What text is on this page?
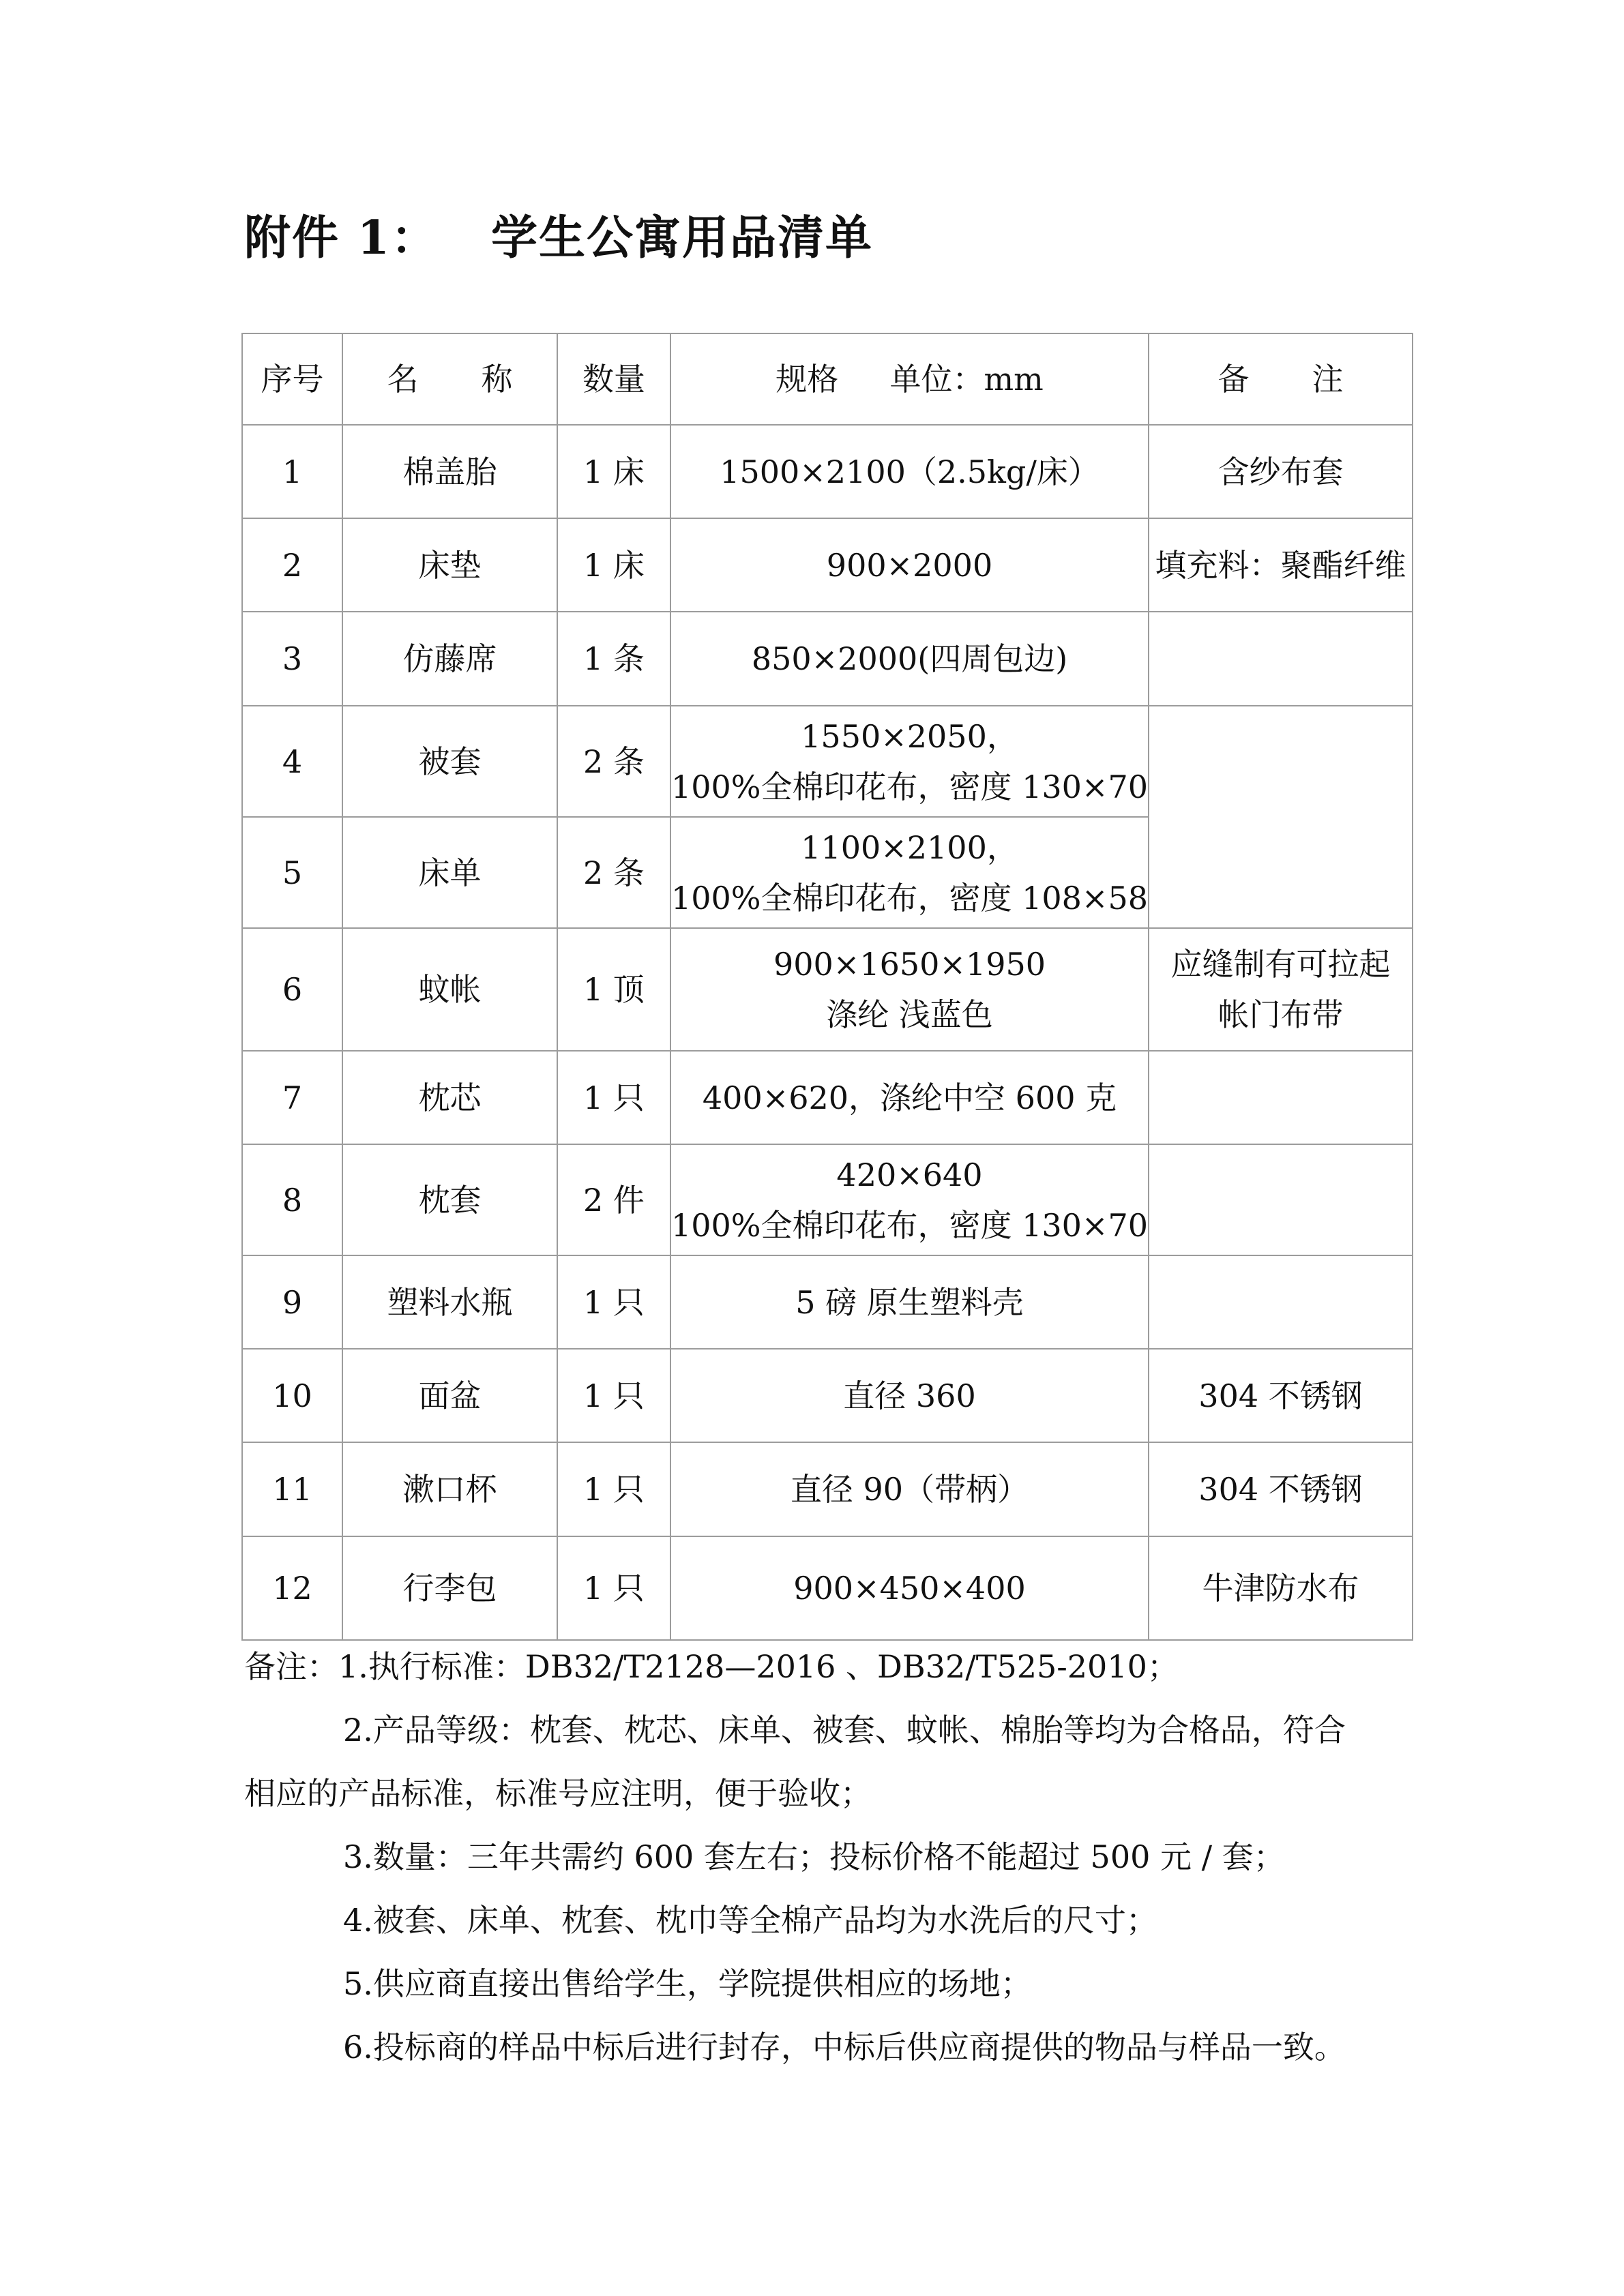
附件 1：   学生公寓用品清单
序号	名　　称	数量	规格　  单位：mm	备　　注
1	棉盖胎	1 床	1500×2100（2.5kg/床）	含纱布套
2	床垫	1 床	900×2000	填充料：聚酯纤维
3	仿藤席	1 条	850×2000(四周包边)	
4	被套	2 条	1550×2050，
100%全棉印花布，密度 130×70	
5	床单	2 条	1100×2100，
100%全棉印花布，密度 108×58	
6	蚊帐	1 顶	900×1650×1950
涤纶 浅蓝色	应缝制有可拉起
帐门布带
7	枕芯	1 只	400×620，涤纶中空 600 克	
8	枕套	2 件	420×640
100%全棉印花布，密度 130×70	
9	塑料水瓶	1 只	5 磅 原生塑料壳	
10	面盆	1 只	直径 360	304 不锈钢
11	漱口杯	1 只	直径 90（带柄）	304 不锈钢
12	行李包	1 只	900×450×400	牛津防水布
备注：1.执行标准：DB32/T2128—2016 、DB32/T525-2010；
2.产品等级：枕套、枕芯、床单、被套、蚊帐、棉胎等均为合格品，符合
相应的产品标准，标准号应注明，便于验收；
3.数量：三年共需约 600 套左右；投标价格不能超过 500 元 / 套；
4.被套、床单、枕套、枕巾等全棉产品均为水洗后的尺寸；
5.供应商直接出售给学生，学院提供相应的场地；
6.投标商的样品中标后进行封存，中标后供应商提供的物品与样品一致。
